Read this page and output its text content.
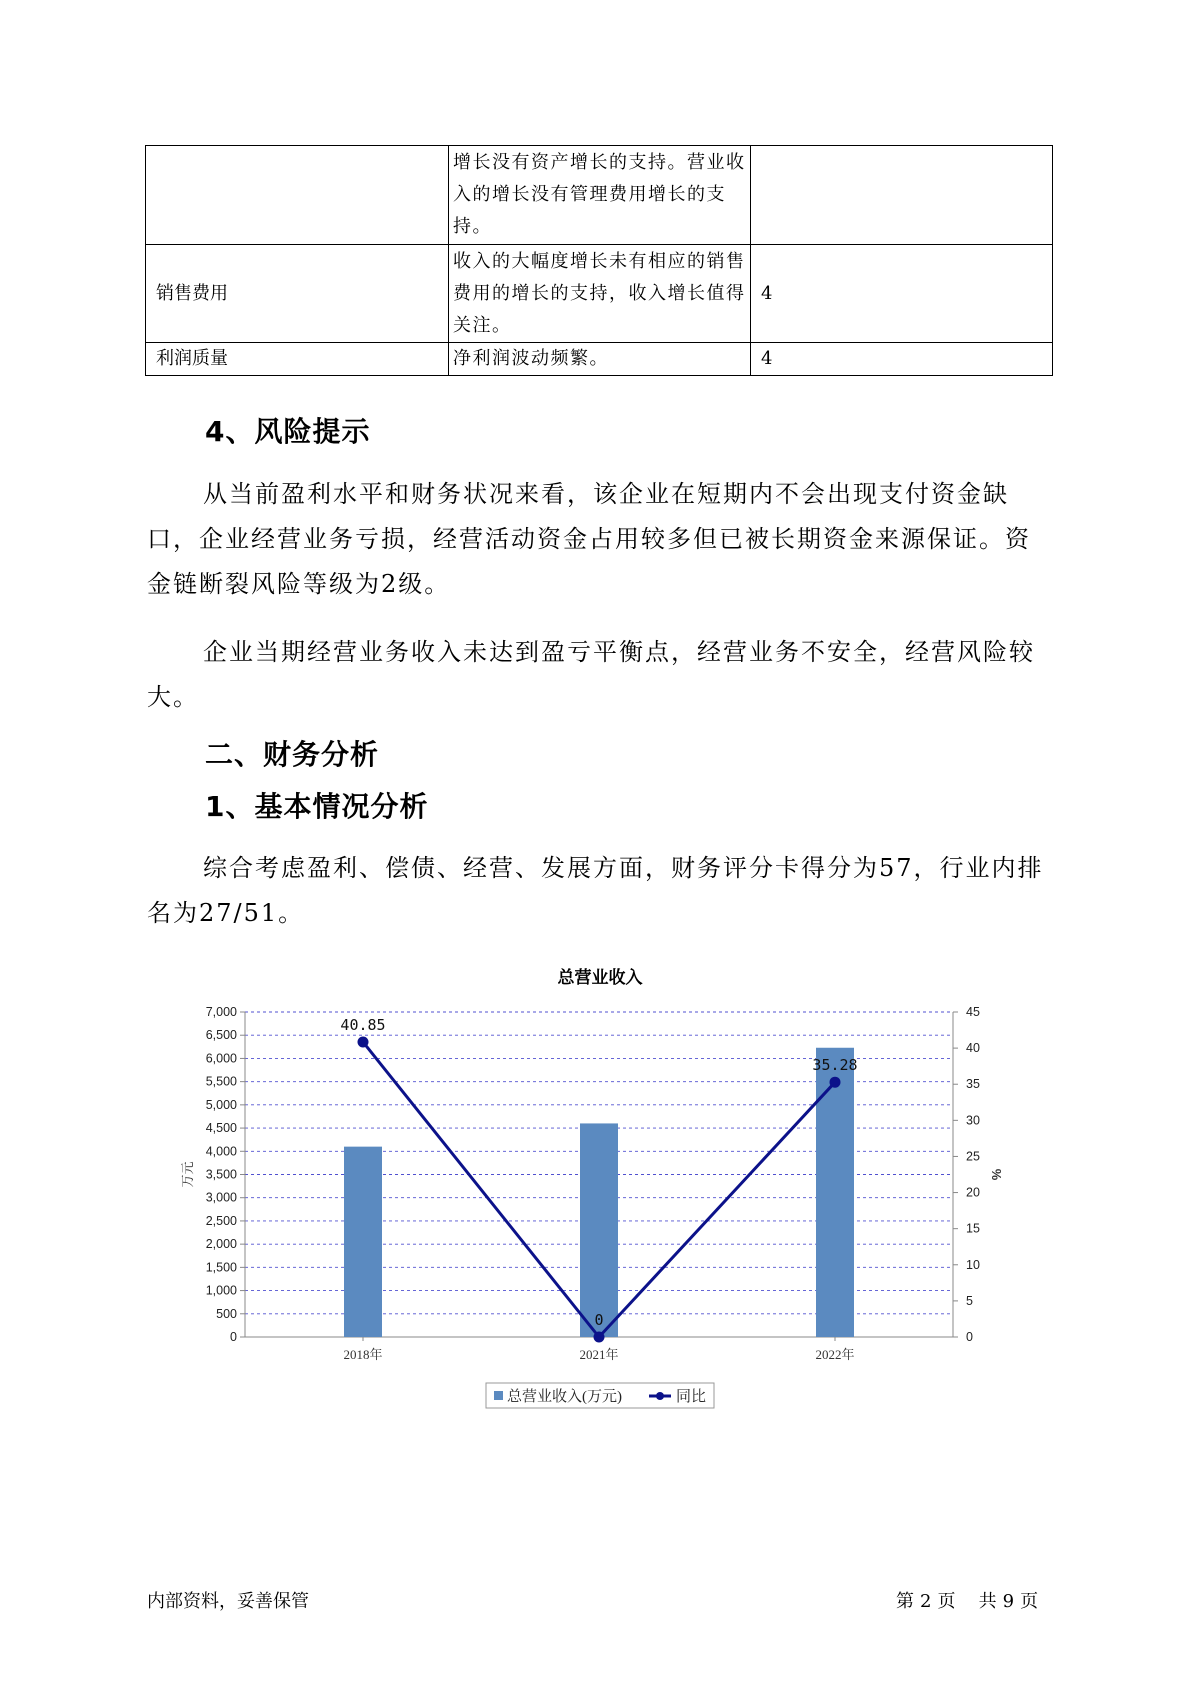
	增长没有资产增长的支持。营业收入的增长没有管理费用增长的支持。	
销售费用	收入的大幅度增长未有相应的销售费用的增长的支持，收入增长值得关注。	4
利润质量	净利润波动频繁。	4
4、风险提示

从当前盈利水平和财务状况来看，该企业在短期内不会出现支付资金缺口，企业经营业务亏损，经营活动资金占用较多但已被长期资金来源保证。资金链断裂风险等级为2级。

企业当期经营业务收入未达到盈亏平衡点，经营业务不安全，经营风险较大。

二、财务分析
1、基本情况分析

综合考虑盈利、偿债、经营、发展方面，财务评分卡得分为57，行业内排名为27/51。

总营业收入
0
500
1,000
1,500
2,000
2,500
3,000
3,500
4,000
4,500
5,000
5,500
6,000
6,500
7,000
0
5
10
15
20
25
30
35
40
45
2018年	2021年	2022年
40.85
0
35.28
万元	%
总营业收入(万元)	同比
内部资料，妥善保管	第 2 页 共 9 页
